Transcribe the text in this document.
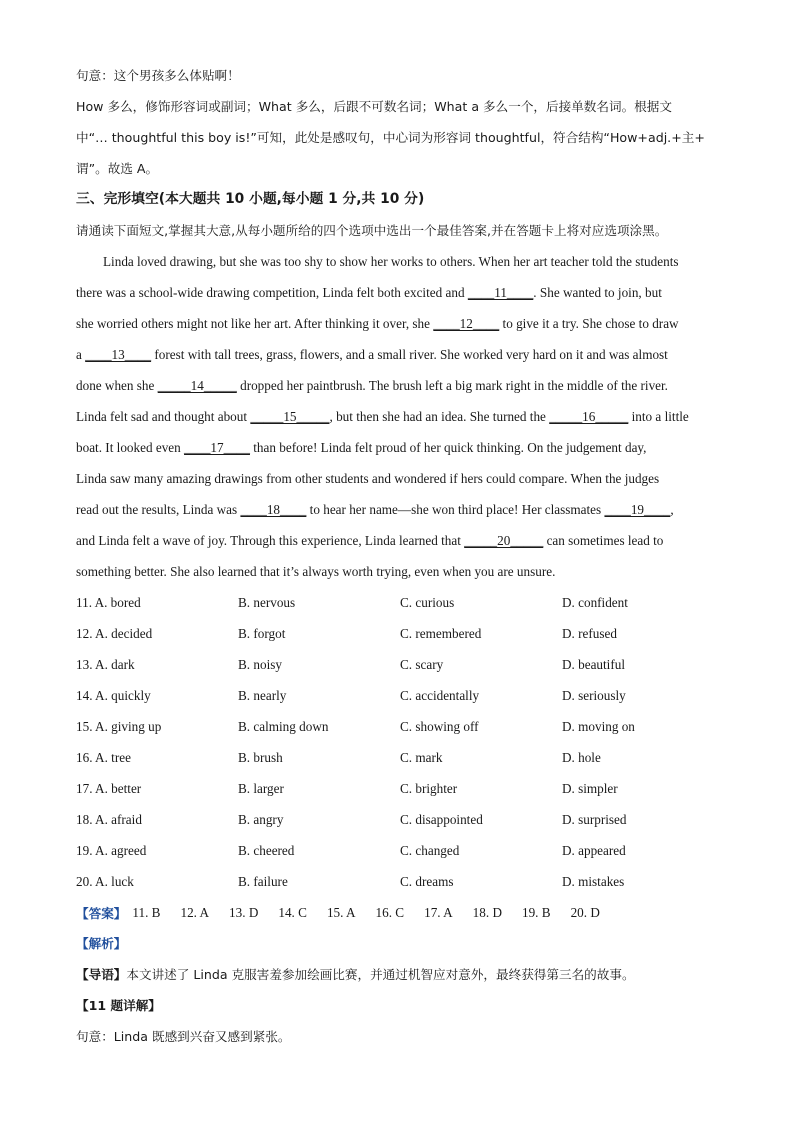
句意：这个男孩多么体贴啊！
How 多么，修饰形容词或副词；What 多么，后跟不可数名词；What a 多么一个，后接单数名词。根据文
中“… thoughtful this boy is!”可知，此处是感叹句，中心词为形容词 thoughtful，符合结构“How+adj.+主+
谓”。故选 A。
三、完形填空(本大题共 10 小题,每小题 1 分,共 10 分)
请通读下面短文,掌握其大意,从每小题所给的四个选项中选出一个最佳答案,并在答题卡上将对应选项涂黑。
Linda loved drawing, but she was too shy to show her works to others. When her art teacher told the students
there was a school-wide drawing competition, Linda felt both excited and ____11____. She wanted to join, but
she worried others might not like her art. After thinking it over, she ____12____ to give it a try. She chose to draw
a ____13____ forest with tall trees, grass, flowers, and a small river. She worked very hard on it and was almost
done when she _____14_____ dropped her paintbrush. The brush left a big mark right in the middle of the river.
Linda felt sad and thought about _____15_____, but then she had an idea. She turned the _____16_____ into a little
boat. It looked even ____17____ than before! Linda felt proud of her quick thinking. On the judgement day,
Linda saw many amazing drawings from other students and wondered if hers could compare. When the judges
read out the results, Linda was ____18____ to hear her name—she won third place! Her classmates ____19____,
and Linda felt a wave of joy. Through this experience, Linda learned that _____20_____ can sometimes lead to
something better. She also learned that it’s always worth trying, even when you are unsure.
11. A. bored	B. nervous	C. curious	D. confident
12. A. decided	B. forgot	C. remembered	D. refused
13. A. dark	B. noisy	C. scary	D. beautiful
14. A. quickly	B. nearly	C. accidentally	D. seriously
15. A. giving up	B. calming down	C. showing off	D. moving on
16. A. tree	B. brush	C. mark	D. hole
17. A. better	B. larger	C. brighter	D. simpler
18. A. afraid	B. angry	C. disappointed	D. surprised
19. A. agreed	B. cheered	C. changed	D. appeared
20. A. luck	B. failure	C. dreams	D. mistakes
【答案】 11. B 12. A 13. D 14. C 15. A 16. C 17. A 18. D 19. B 20. D
【解析】
【导语】本文讲述了 Linda 克服害羞参加绘画比赛，并通过机智应对意外，最终获得第三名的故事。
【11 题详解】
句意：Linda 既感到兴奋又感到紧张。
